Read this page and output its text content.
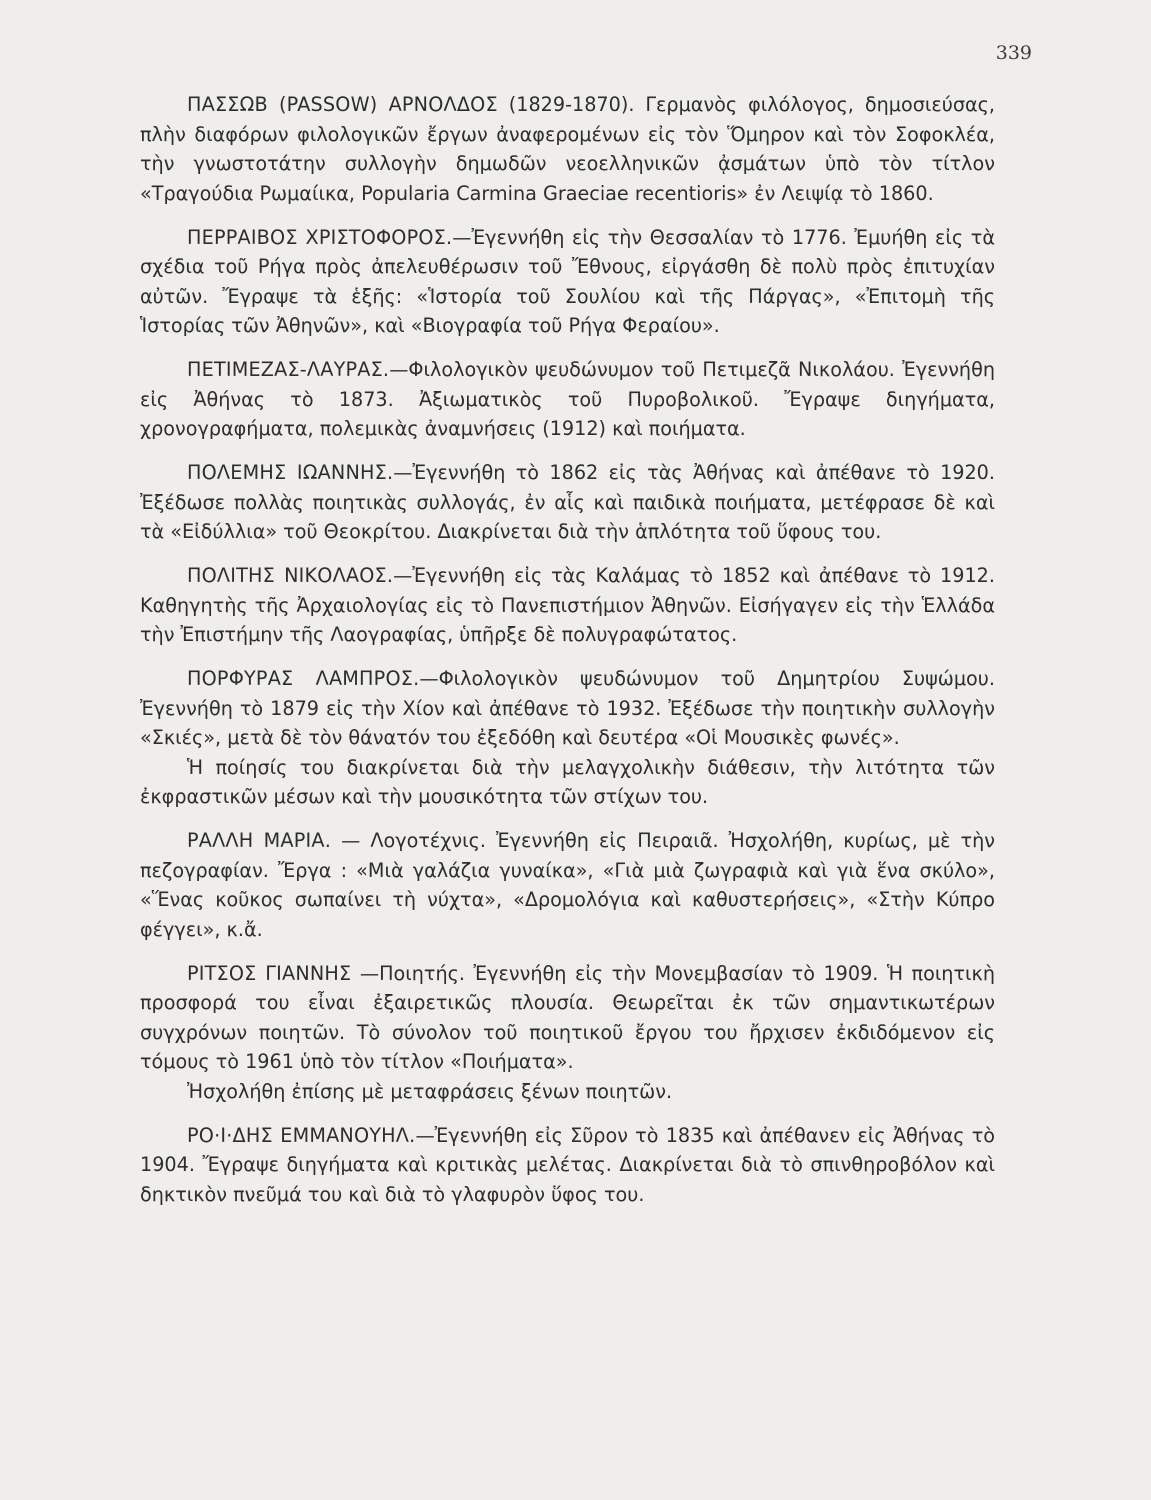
339

ΠΑΣΣΩΒ (PASSOW) ΑΡΝΟΛΔΟΣ (1829-1870). Γερμανὸς φιλόλογος, δημοσιεύσας, πλὴν διαφόρων φιλολογικῶν ἔργων ἀναφερομένων εἰς τὸν Ὅμηρον καὶ τὸν Σοφοκλέα, τὴν γνωστοτάτην συλλογὴν δημωδῶν νεοελληνικῶν ᾀσμάτων ὑπὸ τὸν τίτλον «Τραγούδια Ρωμαίικα, Popularia Carmina Graeciae recentioris» ἐν Λειψίᾳ τὸ 1860.

ΠΕΡΡΑΙΒΟΣ ΧΡΙΣΤΟΦΟΡΟΣ.—Ἐγεννήθη εἰς τὴν Θεσσαλίαν τὸ 1776. Ἐμυήθη εἰς τὰ σχέδια τοῦ Ρήγα πρὸς ἀπελευθέρωσιν τοῦ Ἔθνους, εἰργάσθη δὲ πολὺ πρὸς ἐπιτυχίαν αὐτῶν. Ἔγραψε τὰ ἑξῆς: «Ἱστορία τοῦ Σουλίου καὶ τῆς Πάργας», «Ἐπιτομὴ τῆς Ἱστορίας τῶν Ἀθηνῶν», καὶ «Βιογραφία τοῦ Ρήγα Φεραίου».

ΠΕΤΙΜΕΖΑΣ-ΛΑΥΡΑΣ.—Φιλολογικὸν ψευδώνυμον τοῦ Πετιμεζᾶ Νικολάου. Ἐγεννήθη εἰς Ἀθήνας τὸ 1873. Ἀξιωματικὸς τοῦ Πυροβολικοῦ. Ἔγραψε διηγήματα, χρονογραφήματα, πολεμικὰς ἀναμνήσεις (1912) καὶ ποιήματα.

ΠΟΛΕΜΗΣ ΙΩΑΝΝΗΣ.—Ἐγεννήθη τὸ 1862 εἰς τὰς Ἀθήνας καὶ ἀπέθανε τὸ 1920. Ἐξέδωσε πολλὰς ποιητικὰς συλλογάς, ἐν αἷς καὶ παιδικὰ ποιήματα, μετέφρασε δὲ καὶ τὰ «Εἰδύλλια» τοῦ Θεοκρίτου. Διακρίνεται διὰ τὴν ἁπλότητα τοῦ ὕφους του.

ΠΟΛΙΤΗΣ ΝΙΚΟΛΑΟΣ.—Ἐγεννήθη εἰς τὰς Καλάμας τὸ 1852 καὶ ἀπέθανε τὸ 1912. Καθηγητὴς τῆς Ἀρχαιολογίας εἰς τὸ Πανεπιστήμιον Ἀθηνῶν. Εἰσήγαγεν εἰς τὴν Ἑλλάδα τὴν Ἐπιστήμην τῆς Λαογραφίας, ὑπῆρξε δὲ πολυγραφώτατος.

ΠΟΡΦΥΡΑΣ ΛΑΜΠΡΟΣ.—Φιλολογικὸν ψευδώνυμον τοῦ Δημητρίου Συψώμου. Ἐγεννήθη τὸ 1879 εἰς τὴν Χίον καὶ ἀπέθανε τὸ 1932. Ἐξέδωσε τὴν ποιητικὴν συλλογὴν «Σκιές», μετὰ δὲ τὸν θάνατόν του ἐξεδόθη καὶ δευτέρα «Οἱ Μουσικὲς φωνές».

Ἡ ποίησίς του διακρίνεται διὰ τὴν μελαγχολικὴν διάθεσιν, τὴν λιτότητα τῶν ἐκφραστικῶν μέσων καὶ τὴν μουσικότητα τῶν στίχων του.

ΡΑΛΛΗ ΜΑΡΙΑ. — Λογοτέχνις. Ἐγεννήθη εἰς Πειραιᾶ. Ἠσχολήθη, κυρίως, μὲ τὴν πεζογραφίαν. Ἔργα : «Μιὰ γαλάζια γυναίκα», «Γιὰ μιὰ ζωγραφιὰ καὶ γιὰ ἕνα σκύλο», «Ἕνας κοῦκος σωπαίνει τὴ νύχτα», «Δρομολόγια καὶ καθυστερήσεις», «Στὴν Κύπρο φέγγει», κ.ἄ.

ΡΙΤΣΟΣ ΓΙΑΝΝΗΣ —Ποιητής. Ἐγεννήθη εἰς τὴν Μονεμβασίαν τὸ 1909. Ἡ ποιητικὴ προσφορά του εἶναι ἐξαιρετικῶς πλουσία. Θεωρεῖται ἐκ τῶν σημαντικωτέρων συγχρόνων ποιητῶν. Τὸ σύνολον τοῦ ποιητικοῦ ἔργου του ἤρχισεν ἐκδιδόμενον εἰς τόμους τὸ 1961 ὑπὸ τὸν τίτλον «Ποιήματα».

Ἠσχολήθη ἐπίσης μὲ μεταφράσεις ξένων ποιητῶν.

ΡΟ·Ι·ΔΗΣ ΕΜΜΑΝΟΥΗΛ.—Ἐγεννήθη εἰς Σῦρον τὸ 1835 καὶ ἀπέθανεν εἰς Ἀθήνας τὸ 1904. Ἔγραψε διηγήματα καὶ κριτικὰς μελέτας. Διακρίνεται διὰ τὸ σπινθηροβόλον καὶ δηκτικὸν πνεῦμά του καὶ διὰ τὸ γλαφυρὸν ὕφος του.
